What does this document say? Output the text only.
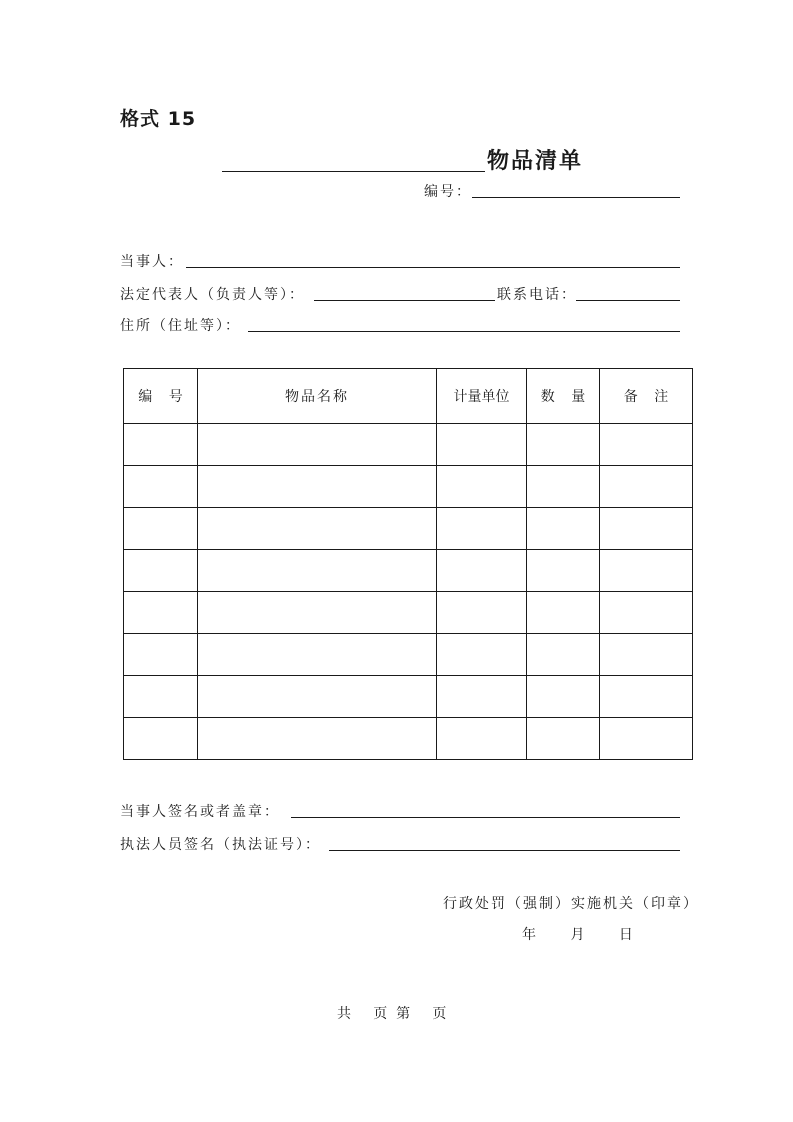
格式 15
物品清单
编号：
当事人：
法定代表人（负责人等）：	联系电话：
住所（住址等）：
编 号	物品名称	计量单位	数 量	备 注

当事人签名或者盖章：
执法人员签名（执法证号）：
行政处罚（强制）实施机关（印章）
年 月 日
共     页  第     页
